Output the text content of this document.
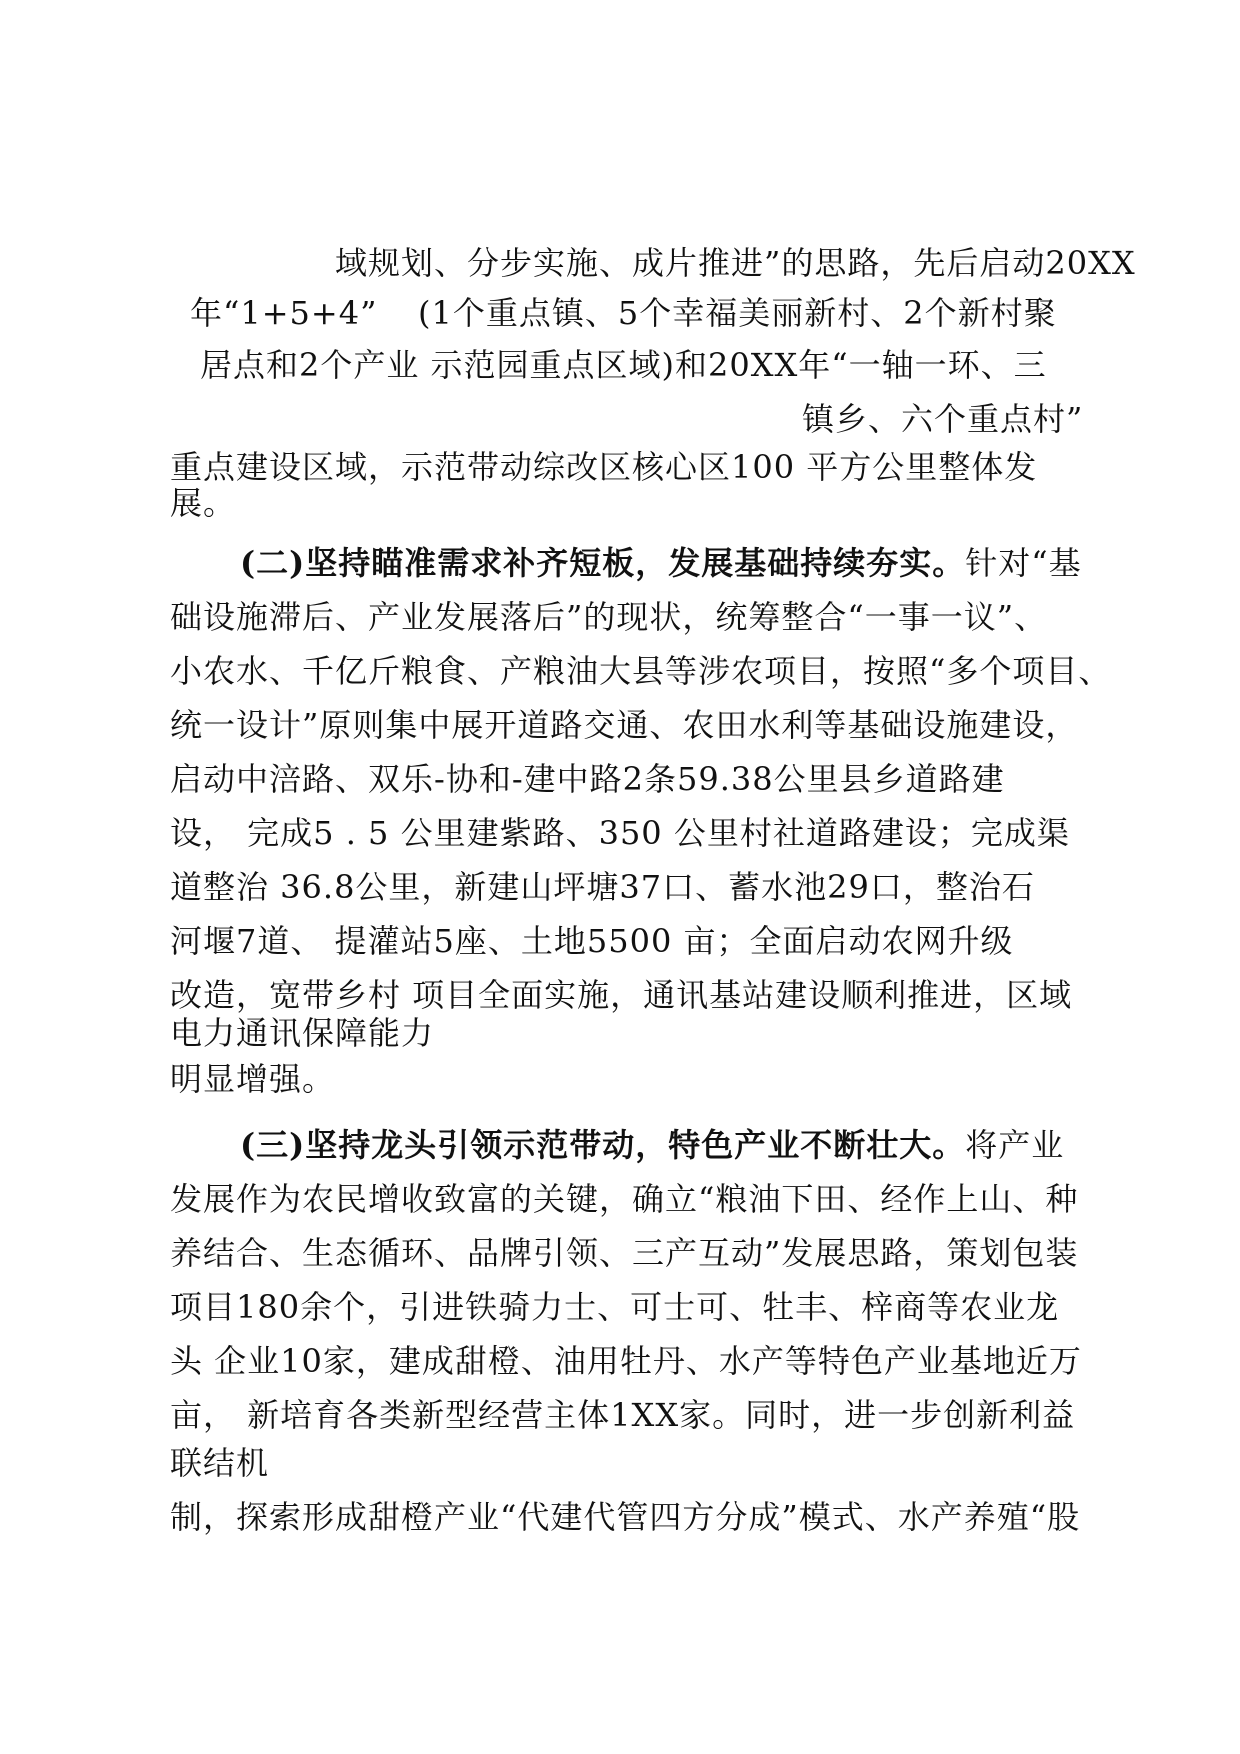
域规划、分步实施、成片推进”的思路，先后启动20XX
年“1+5+4” (1个重点镇、5个幸福美丽新村、2个新村聚
居点和2个产业 示范园重点区域)和20XX年“一轴一环、三
镇乡、六个重点村”
重点建设区域，示范带动综改区核心区100 平方公里整体发
展。
(二)坚持瞄准需求补齐短板，发展基础持续夯实。针对“基
础设施滞后、产业发展落后”的现状，统筹整合“一事一议”、
小农水、千亿斤粮食、产粮油大县等涉农项目，按照“多个项目、
统一设计”原则集中展开道路交通、农田水利等基础设施建设，
启动中涪路、双乐-协和-建中路2条59.38公里县乡道路建
设， 完成5 . 5 公里建紫路、350 公里村社道路建设；完成渠
道整治 36.8公里，新建山坪塘37口、蓄水池29口，整治石
河堰7道、 提灌站5座、土地5500 亩；全面启动农网升级
改造，宽带乡村 项目全面实施，通讯基站建设顺利推进，区域
电力通讯保障能力
明显增强。
(三)坚持龙头引领示范带动，特色产业不断壮大。将产业
发展作为农民增收致富的关键，确立“粮油下田、经作上山、种
养结合、生态循环、品牌引领、三产互动”发展思路，策划包装
项目180余个，引进铁骑力士、可士可、牡丰、梓商等农业龙
头 企业10家，建成甜橙、油用牡丹、水产等特色产业基地近万
亩， 新培育各类新型经营主体1XX家。同时，进一步创新利益
联结机
制，探索形成甜橙产业“代建代管四方分成”模式、水产养殖“股
